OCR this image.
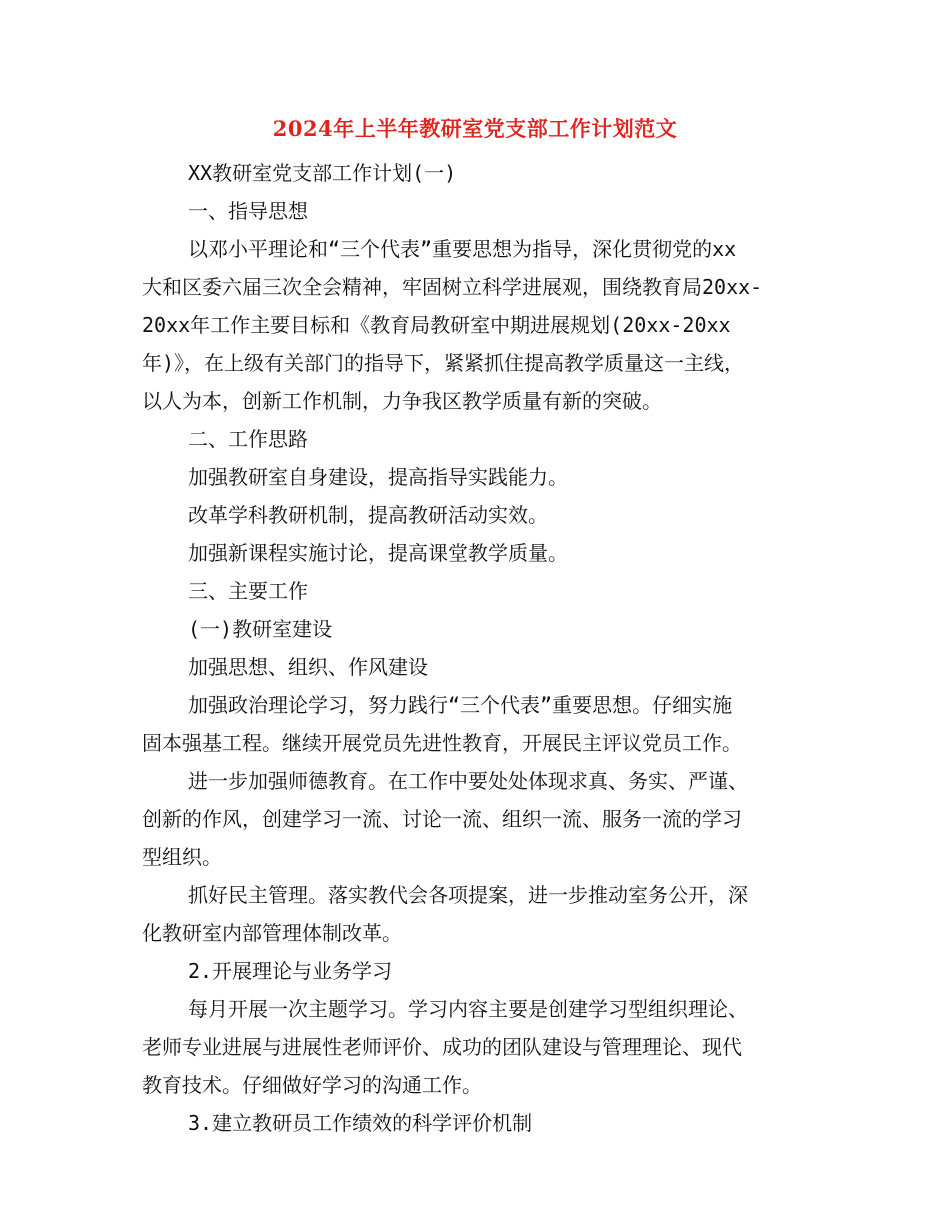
2024年上半年教研室党支部工作计划范文
XX教研室党支部工作计划(一)
一、指导思想
以邓小平理论和“三个代表”重要思想为指导，深化贯彻党的xx
大和区委六届三次全会精神，牢固树立科学进展观，围绕教育局20xx-
20xx年工作主要目标和《教育局教研室中期进展规划(20xx-20xx
年)》，在上级有关部门的指导下，紧紧抓住提高教学质量这一主线，
以人为本，创新工作机制，力争我区教学质量有新的突破。
二、工作思路
加强教研室自身建设，提高指导实践能力。
改革学科教研机制，提高教研活动实效。
加强新课程实施讨论，提高课堂教学质量。
三、主要工作
(一)教研室建设
加强思想、组织、作风建设
加强政治理论学习，努力践行“三个代表”重要思想。仔细实施
固本强基工程。继续开展党员先进性教育，开展民主评议党员工作。
进一步加强师德教育。在工作中要处处体现求真、务实、严谨、
创新的作风，创建学习一流、讨论一流、组织一流、服务一流的学习
型组织。
抓好民主管理。落实教代会各项提案，进一步推动室务公开，深
化教研室内部管理体制改革。
2.开展理论与业务学习
每月开展一次主题学习。学习内容主要是创建学习型组织理论、
老师专业进展与进展性老师评价、成功的团队建设与管理理论、现代
教育技术。仔细做好学习的沟通工作。
3.建立教研员工作绩效的科学评价机制
